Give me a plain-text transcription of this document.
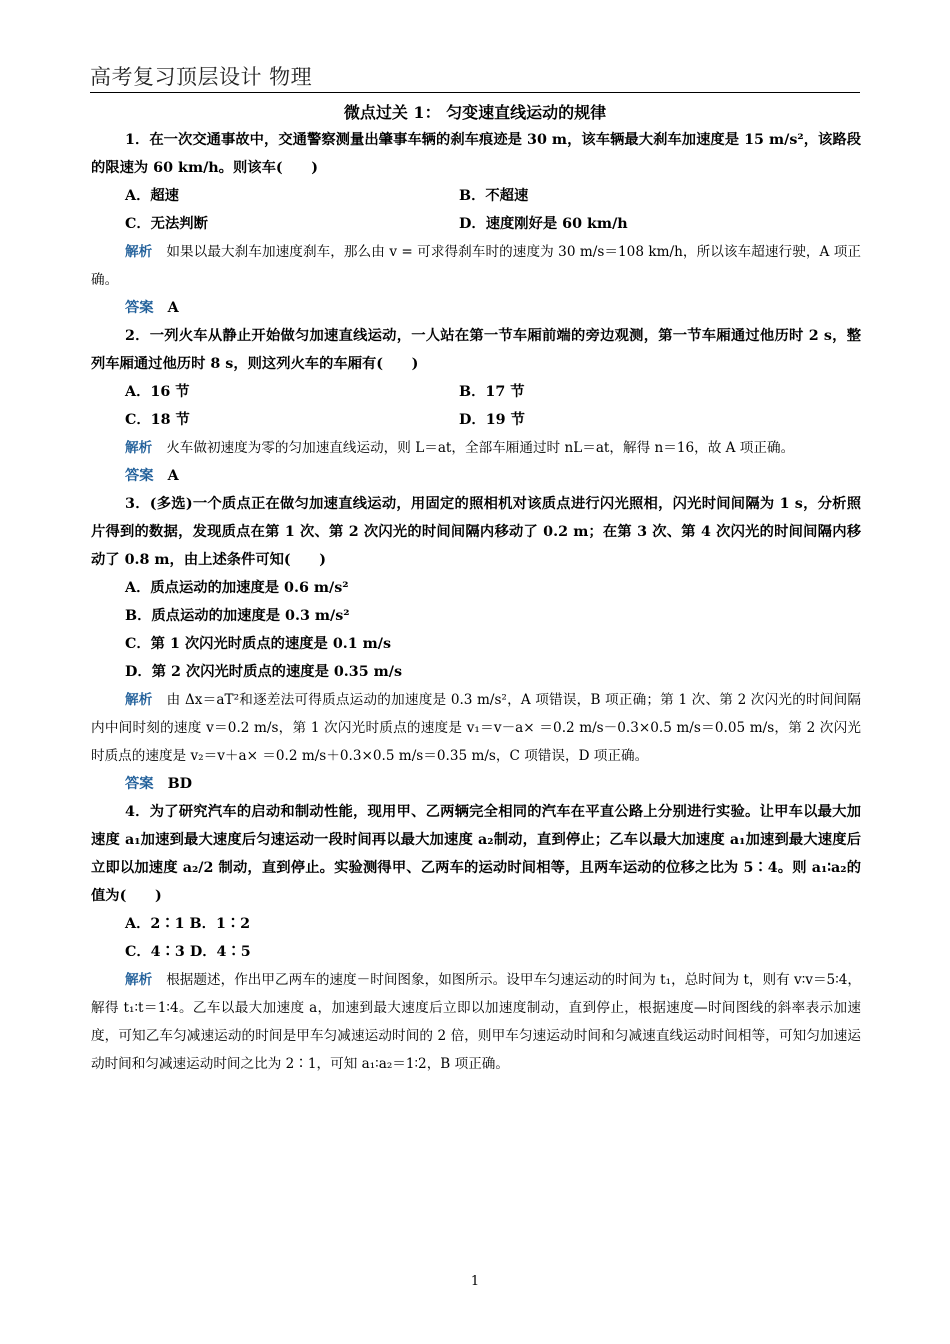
高考复习顶层设计 物理
微点过关 1： 匀变速直线运动的规律

1．在一次交通事故中，交通警察测量出肇事车辆的刹车痕迹是 30 m，该车辆最大刹车加速度是 15 m/s²，该路段的限速为 60 km/h。则该车(　　)

A．超速	B．不超速
C．无法判断	D．速度刚好是 60 km/h

解析 如果以最大刹车加速度刹车，那么由 v = 可求得刹车时的速度为 30 m/s＝108 km/h，所以该车超速行驶，A 项正确。

答案 A

2．一列火车从静止开始做匀加速直线运动，一人站在第一节车厢前端的旁边观测，第一节车厢通过他历时 2 s，整列车厢通过他历时 8 s，则这列火车的车厢有(　　)

A．16 节	B．17 节
C．18 节	D．19 节

解析 火车做初速度为零的匀加速直线运动，则 L＝at，全部车厢通过时 nL＝at，解得 n＝16，故 A 项正确。

答案 A

3．(多选)一个质点正在做匀加速直线运动，用固定的照相机对该质点进行闪光照相，闪光时间间隔为 1 s，分析照片得到的数据，发现质点在第 1 次、第 2 次闪光的时间间隔内移动了 0.2 m；在第 3 次、第 4 次闪光的时间间隔内移动了 0.8 m，由上述条件可知(　　)

A．质点运动的加速度是 0.6 m/s²
B．质点运动的加速度是 0.3 m/s²
C．第 1 次闪光时质点的速度是 0.1 m/s
D．第 2 次闪光时质点的速度是 0.35 m/s

解析 由 Δx＝aT²和逐差法可得质点运动的加速度是 0.3 m/s²，A 项错误，B 项正确；第 1 次、第 2 次闪光的时间间隔内中间时刻的速度 v＝0.2 m/s，第 1 次闪光时质点的速度是 v₁＝v－a× ＝0.2 m/s－0.3×0.5 m/s＝0.05 m/s，第 2 次闪光时质点的速度是 v₂＝v＋a× ＝0.2 m/s＋0.3×0.5 m/s＝0.35 m/s，C 项错误，D 项正确。

答案 BD

4．为了研究汽车的启动和制动性能，现用甲、乙两辆完全相同的汽车在平直公路上分别进行实验。让甲车以最大加速度 a₁加速到最大速度后匀速运动一段时间再以最大加速度 a₂制动，直到停止；乙车以最大加速度 a₁加速到最大速度后立即以加速度 a₂/2 制动，直到停止。实验测得甲、乙两车的运动时间相等，且两车运动的位移之比为 5∶4。则 a₁∶a₂的值为(　　)

A．2∶1 B．1∶2
C．4∶3 D．4∶5

解析 根据题述，作出甲乙两车的速度－时间图象，如图所示。设甲车匀速运动的时间为 t₁，总时间为 t，则有 v∶v＝5∶4，解得 t₁∶t＝1∶4。乙车以最大加速度 a，加速到最大速度后立即以加速度制动，直到停止，根据速度—时间图线的斜率表示加速度，可知乙车匀减速运动的时间是甲车匀减速运动时间的 2 倍，则甲车匀速运动时间和匀减速直线运动时间相等，可知匀加速运动时间和匀减速运动时间之比为 2∶1，可知 a₁∶a₂＝1∶2，B 项正确。

1
